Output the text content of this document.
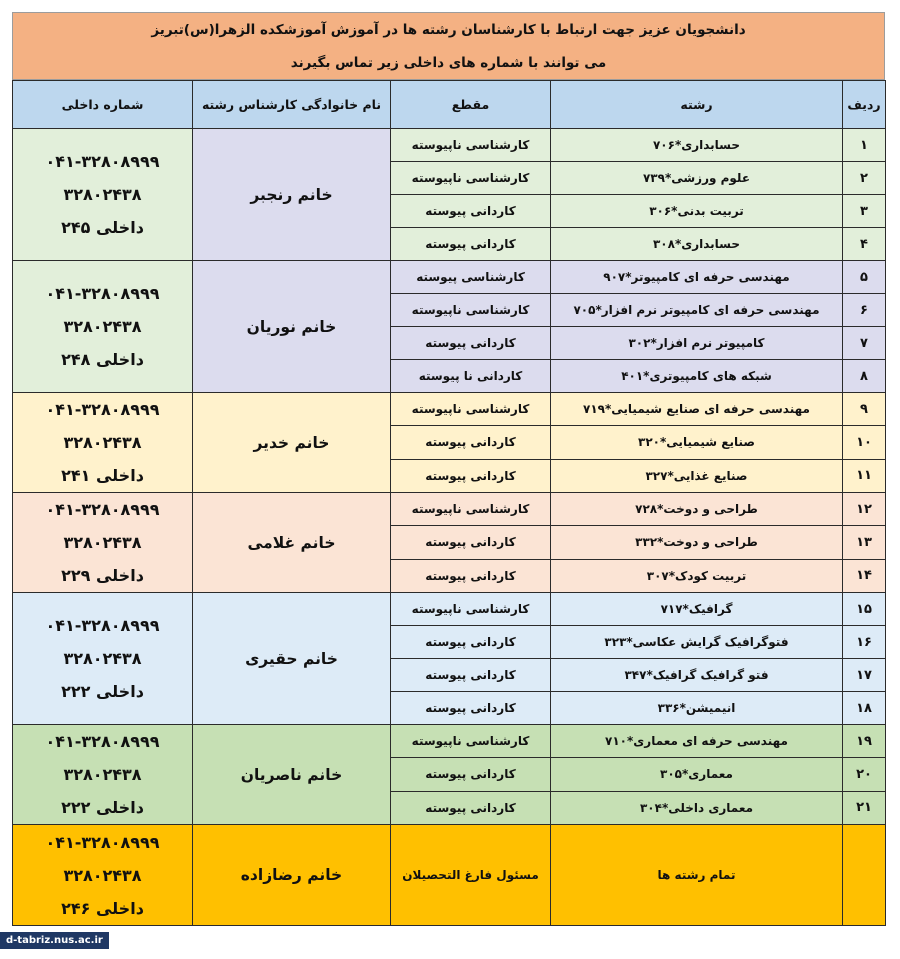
دانشجویان عزیز جهت ارتباط با کارشناسان رشته ها در آموزش آموزشکده الزهرا(س)تبریز
می توانند با شماره های داخلی زیر تماس بگیرند
ردیف	رشته	مقطع	نام خانوادگی کارشناس رشته	شماره داخلی
۱	حسابداری*۷۰۶	کارشناسی ناپیوسته	خانم رنجبر	۰۴۱-۳۲۸۰۸۹۹۹
۳۲۸۰۲۴۳۸
داخلی ۲۴۵

۲	علوم ورزشی*۷۳۹	کارشناسی ناپیوسته		
۳	تربیت بدنی*۳۰۶	کاردانی پیوسته		
۴	حسابداری*۳۰۸	کاردانی پیوسته		
۵	مهندسی حرفه ای کامپیوتر*۹۰۷	کارشناسی پیوسته	خانم نوریان	۰۴۱-۳۲۸۰۸۹۹۹
۳۲۸۰۲۴۳۸
داخلی ۲۴۸

۶	مهندسی حرفه ای کامپیوتر نرم افزار*۷۰۵	کارشناسی ناپیوسته		
۷	کامپیوتر نرم افزار*۳۰۲	کاردانی پیوسته		
۸	شبکه های کامپیوتری*۴۰۱	کاردانی نا پیوسته		
۹	مهندسی حرفه ای صنایع شیمیایی*۷۱۹	کارشناسی ناپیوسته	خانم خدیر	۰۴۱-۳۲۸۰۸۹۹۹
۳۲۸۰۲۴۳۸
داخلی ۲۴۱

۱۰	صنایع شیمیایی*۳۲۰	کاردانی پیوسته		
۱۱	صنایع غذایی*۳۲۷	کاردانی پیوسته		
۱۲	طراحی و دوخت*۷۲۸	کارشناسی ناپیوسته	خانم غلامی	۰۴۱-۳۲۸۰۸۹۹۹
۳۲۸۰۲۴۳۸
داخلی ۲۲۹

۱۳	طراحی و دوخت*۳۳۲	کاردانی پیوسته		
۱۴	تربیت کودک*۳۰۷	کاردانی پیوسته		
۱۵	گرافیک*۷۱۷	کارشناسی ناپیوسته	خانم حقیری	۰۴۱-۳۲۸۰۸۹۹۹
۳۲۸۰۲۴۳۸
داخلی ۲۲۲

۱۶	فتوگرافیک گرایش عکاسی*۳۲۳	کاردانی پیوسته		
۱۷	فتو گرافیک گرافیک*۳۴۷	کاردانی پیوسته		
۱۸	انیمیشن*۳۳۶	کاردانی پیوسته		
۱۹	مهندسی حرفه ای معماری*۷۱۰	کارشناسی ناپیوسته	خانم ناصریان	۰۴۱-۳۲۸۰۸۹۹۹
۳۲۸۰۲۴۳۸
داخلی ۲۲۲

۲۰	معماری*۳۰۵	کاردانی پیوسته		
۲۱	معماری داخلی*۳۰۴	کاردانی پیوسته		
	تمام رشته ها	مسئول فارغ التحصیلان	خانم رضازاده	۰۴۱-۳۲۸۰۸۹۹۹
۳۲۸۰۲۴۳۸
داخلی ۲۴۶
d-tabriz.nus.ac.ir
